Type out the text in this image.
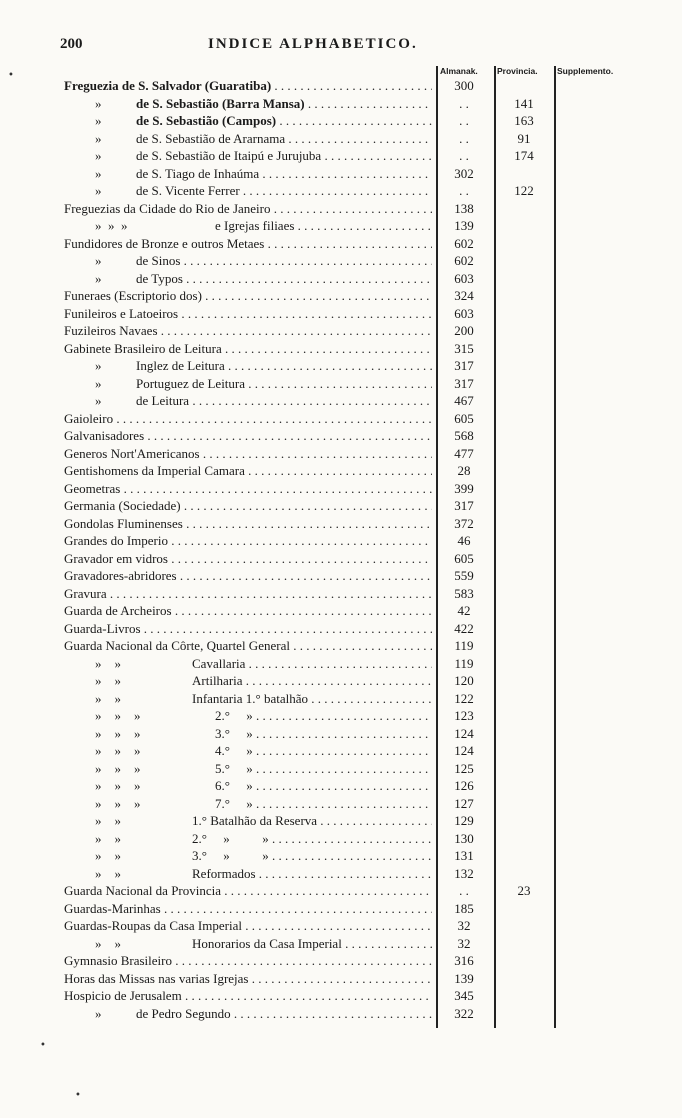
200	INDICE ALPHABETICO.
Almanak. Provincia. Supplemento.
Freguezia de S. Salvador (Guaratiba) . . .	300
»	de S. Sebastião (Barra Mansa) . . .	. .	141
»	de S. Sebastião (Campos) . . .	. .	163
»	de S. Sebastião de Ararnama . . .	. .	91
»	de S. Sebastião de Itaipú e Jurujuba . . .	. .	174
»	de S. Tiago de Inhaúma . . .	302
»	de S. Vicente Ferrer . . .	. .	122
Freguezias da Cidade do Rio de Janeiro . . .	138
»  »  »	e Igrejas filiaes . . .	139
Fundidores de Bronze e outros Metaes . . .	602
»	de Sinos . . .	602
»	de Typos . . .	603
Funeraes (Escriptorio dos) . . .	324
Funileiros e Latoeiros . . .	603
Fuzileiros Navaes . . .	200
Gabinete Brasileiro de Leitura . . .	315
»	Inglez de Leitura . . .	317
»	Portuguez de Leitura . . .	317
»	de Leitura . . .	467
Gaioleiro . . .	605
Galvanisadores . . .	568
Generos Nort'Americanos . . .	477
Gentishomens da Imperial Camara . . .	28
Geometras . . .	399
Germania (Sociedade) . . .	317
Gondolas Fluminenses . . .	372
Grandes do Imperio . . .	46
Gravador em vidros . . .	605
Gravadores-abridores . . .	559
Gravura . . .	583
Guarda de Archeiros . . .	42
Guarda-Livros . . .	422
Guarda Nacional da Côrte, Quartel General . . .	119
»    »	Cavallaria . . .	119
»    »	Artilharia . . .	120
»    »	Infantaria 1.° batalhão . . .	122
»    »    »	2.°     » . . .	123
»    »    »	3.°     » . . .	124
»    »    »	4.°     » . . .	124
»    »    »	5.°     » . . .	125
»    »    »	6.°     » . . .	126
»    »    »	7.°     » . . .	127
»    »	1.° Batalhão da Reserva . . .	129
»    »	2.°     »          » . . .	130
»    »	3.°     »          » . . .	131
»    »	Reformados . . .	132
Guarda Nacional da Provincia . . .	. .	23
Guardas-Marinhas . . .	185
Guardas-Roupas da Casa Imperial . . .	32
»    »	Honorarios da Casa Imperial . . .	32
Gymnasio Brasileiro . . .	316
Horas das Missas nas varias Igrejas . . .	139
Hospicio de Jerusalem . . .	345
»	de Pedro Segundo . . .	322
•
•
•
